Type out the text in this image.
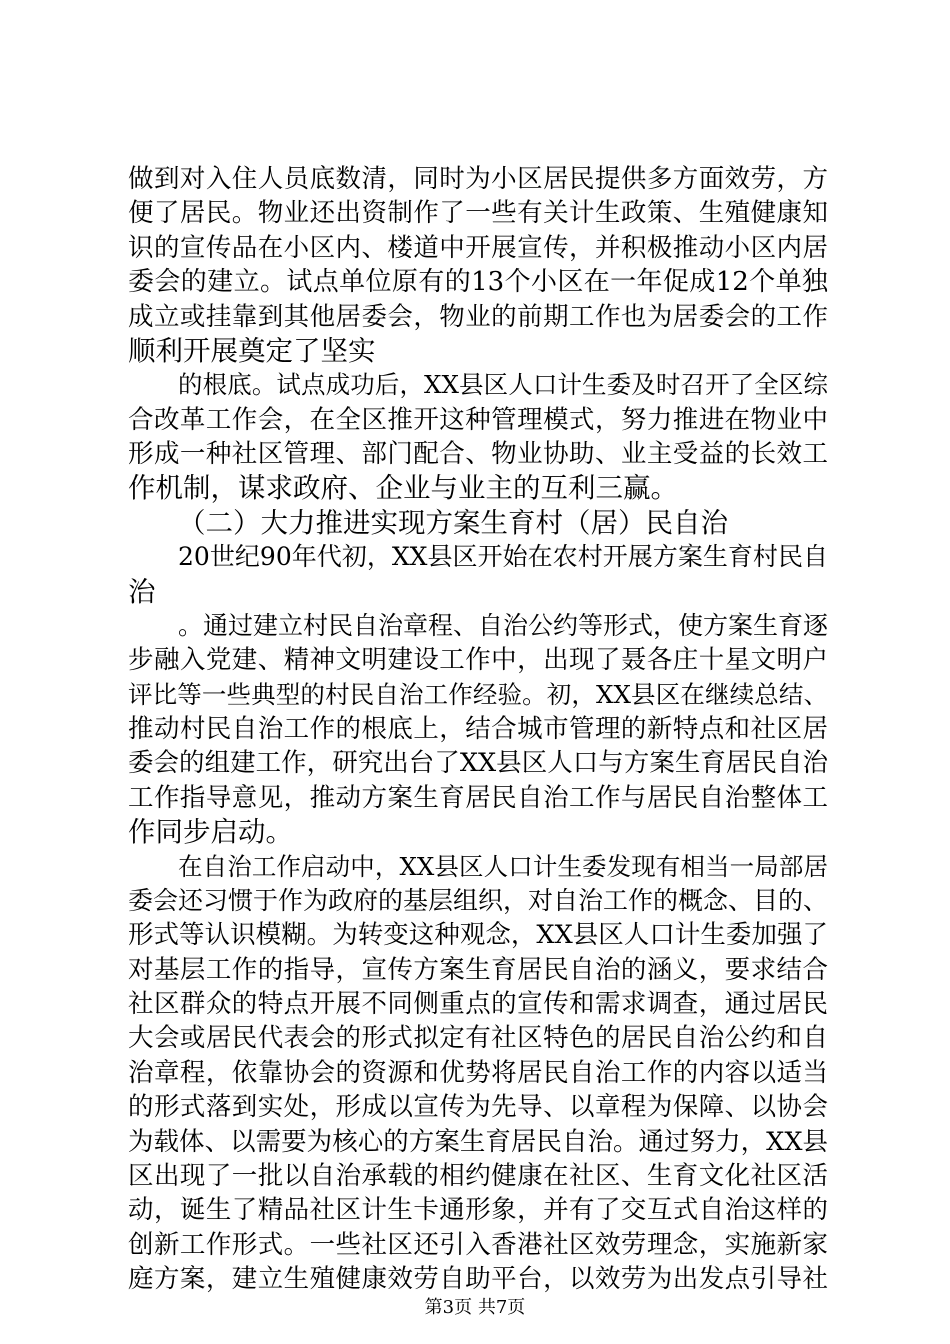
做到对入住人员底数清，同时为小区居民提供多方面效劳，方
便了居民。物业还出资制作了一些有关计生政策、生殖健康知
识的宣传品在小区内、楼道中开展宣传，并积极推动小区内居
委会的建立。试点单位原有的13个小区在一年促成12个单独
成立或挂靠到其他居委会，物业的前期工作也为居委会的工作
顺利开展奠定了坚实
的根底。试点成功后，XX县区人口计生委及时召开了全区综
合改革工作会，在全区推开这种管理模式，努力推进在物业中
形成一种社区管理、部门配合、物业协助、业主受益的长效工
作机制，谋求政府、企业与业主的互利三赢。
（二）大力推进实现方案生育村（居）民自治
20世纪90年代初，XX县区开始在农村开展方案生育村民自
治
。通过建立村民自治章程、自治公约等形式，使方案生育逐
步融入党建、精神文明建设工作中，出现了聂各庄十星文明户
评比等一些典型的村民自治工作经验。初，XX县区在继续总结、
推动村民自治工作的根底上，结合城市管理的新特点和社区居
委会的组建工作，研究出台了XX县区人口与方案生育居民自治
工作指导意见，推动方案生育居民自治工作与居民自治整体工
作同步启动。
在自治工作启动中，XX县区人口计生委发现有相当一局部居
委会还习惯于作为政府的基层组织，对自治工作的概念、目的、
形式等认识模糊。为转变这种观念，XX县区人口计生委加强了
对基层工作的指导，宣传方案生育居民自治的涵义，要求结合
社区群众的特点开展不同侧重点的宣传和需求调查，通过居民
大会或居民代表会的形式拟定有社区特色的居民自治公约和自
治章程，依靠协会的资源和优势将居民自治工作的内容以适当
的形式落到实处，形成以宣传为先导、以章程为保障、以协会
为载体、以需要为核心的方案生育居民自治。通过努力，XX县
区出现了一批以自治承载的相约健康在社区、生育文化社区活
动，诞生了精品社区计生卡通形象，并有了交互式自治这样的
创新工作形式。一些社区还引入香港社区效劳理念，实施新家
庭方案，建立生殖健康效劳自助平台，以效劳为出发点引导社
第3页 共7页
